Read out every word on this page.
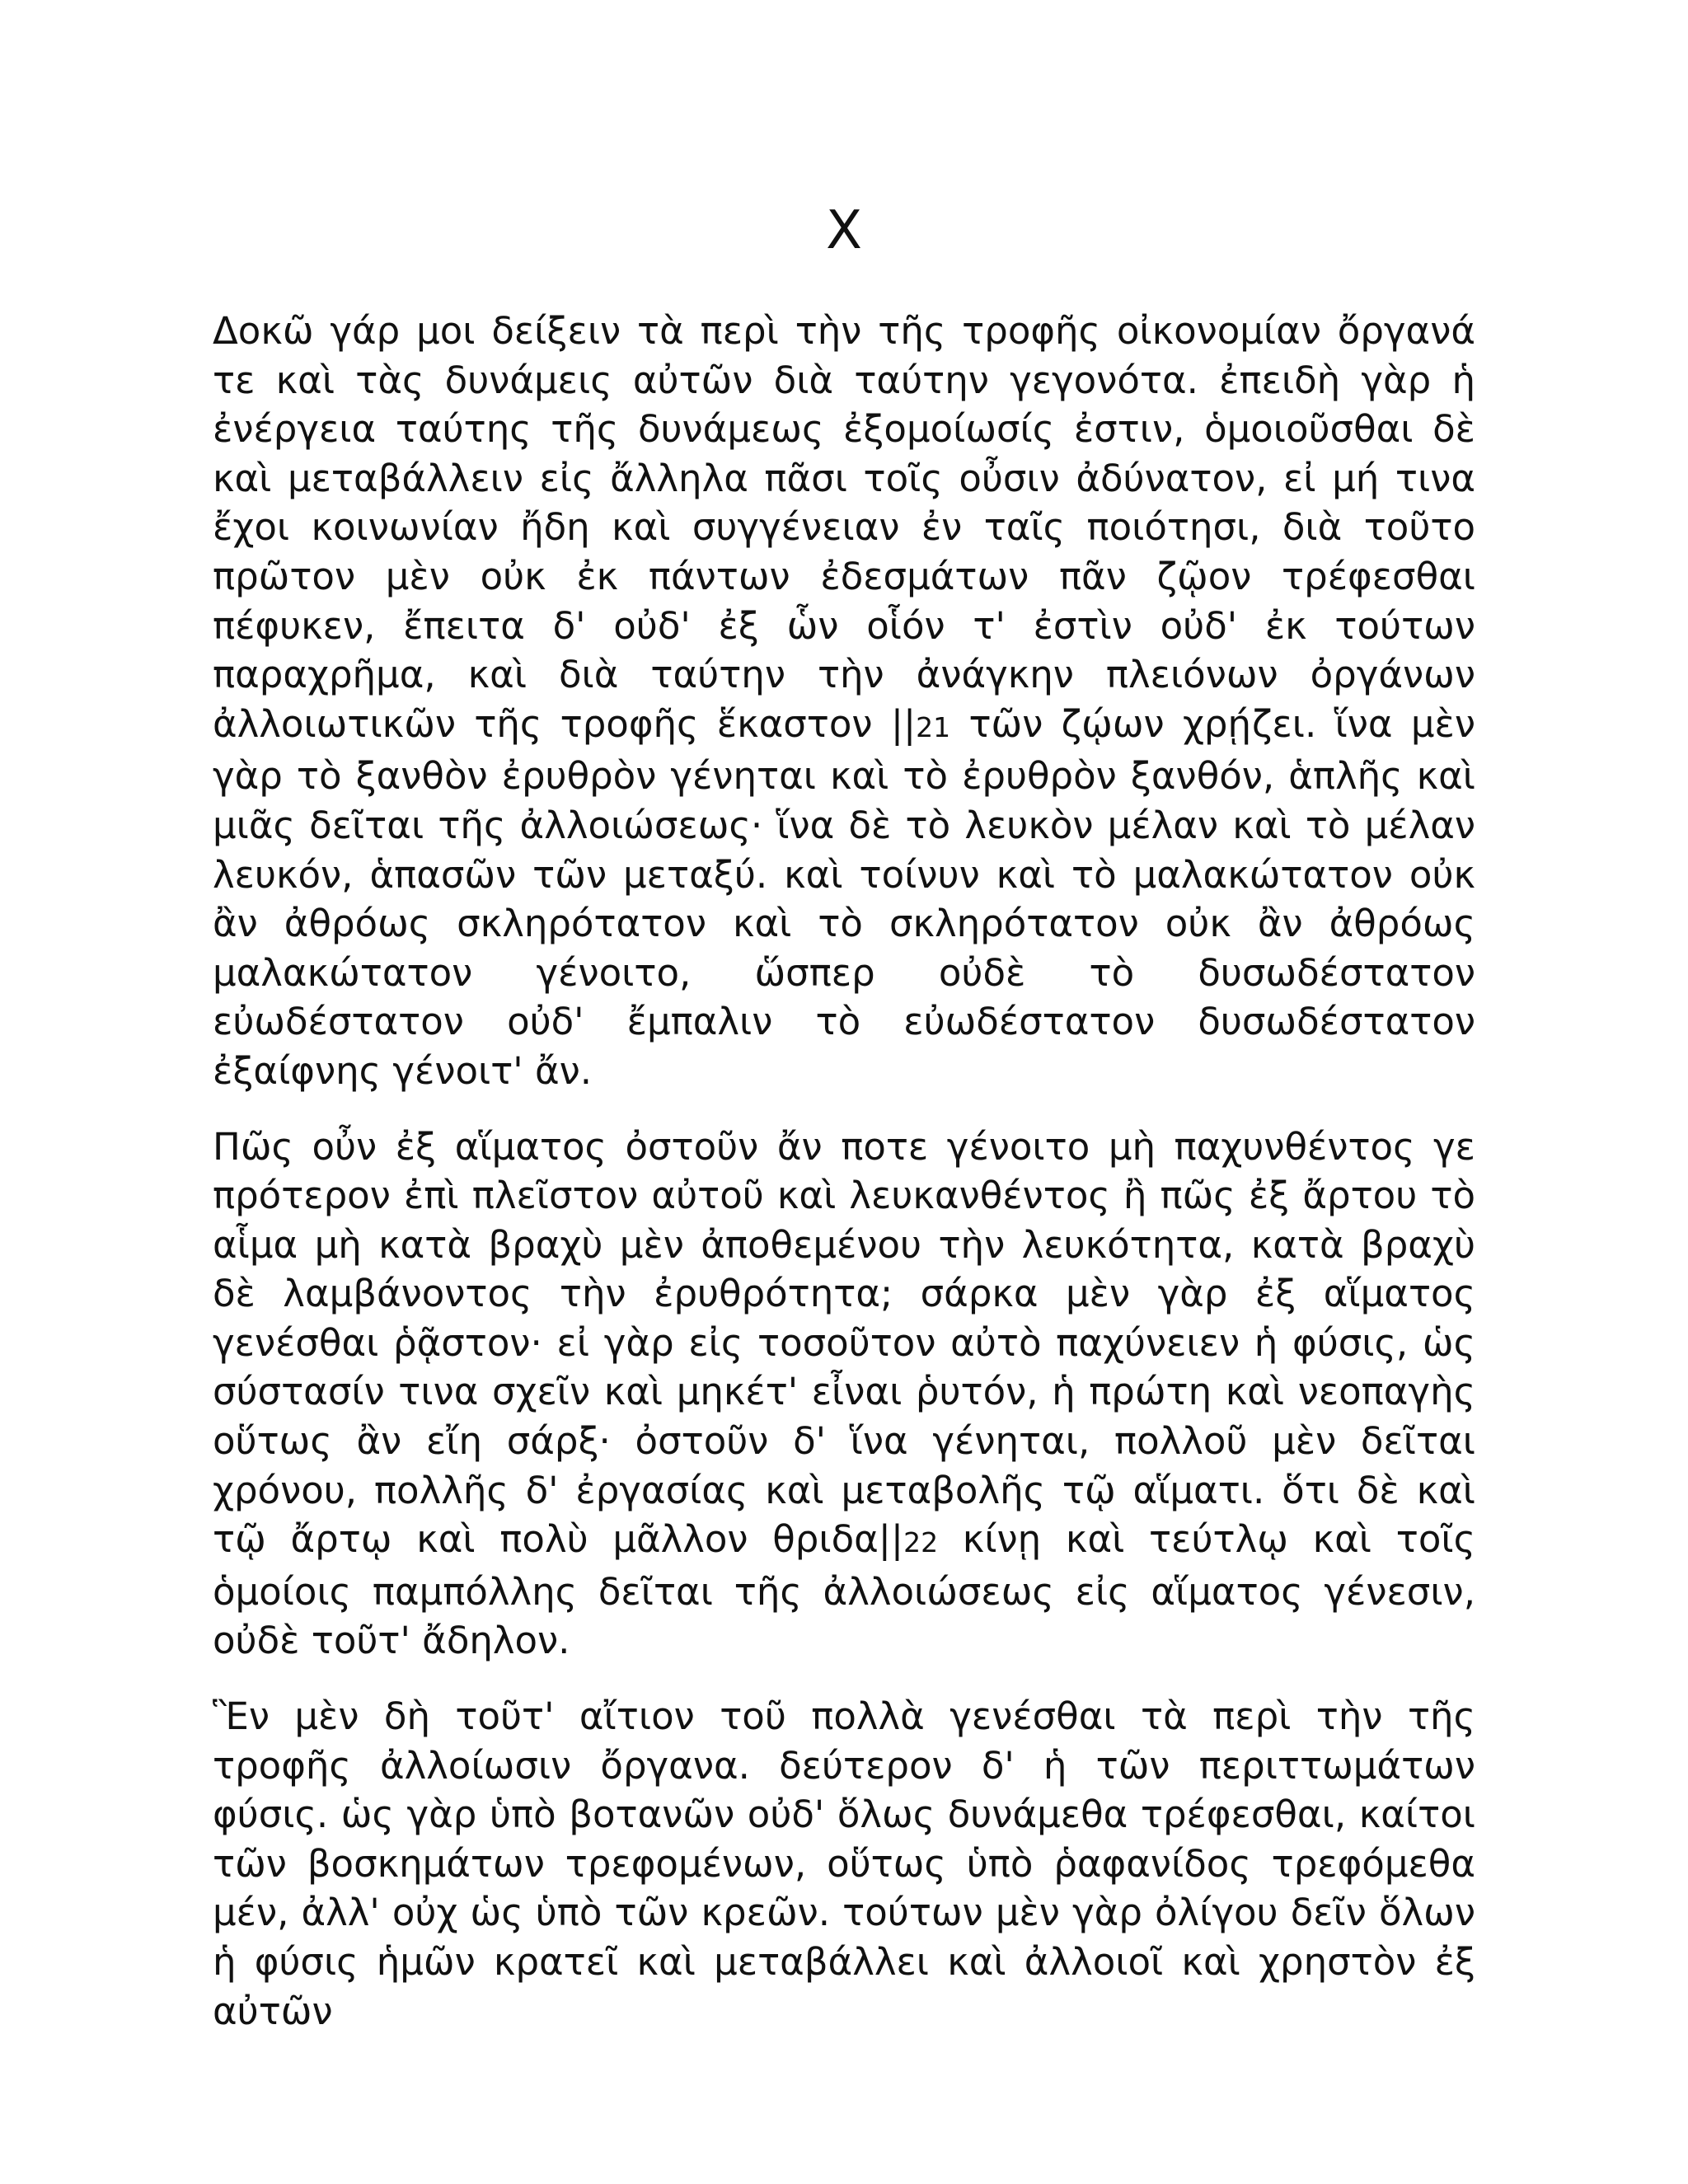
X

Δοκῶ γάρ μοι δείξειν τὰ περὶ τὴν τῆς τροφῆς οἰκονομίαν ὄργανά τε καὶ τὰς δυνάμεις αὐτῶν διὰ ταύτην γεγονότα. ἐπειδὴ γὰρ ἡ ἐνέργεια ταύτης τῆς δυνάμεως ἐξομοίωσίς ἐστιν, ὁμοιοῦσθαι δὲ καὶ μεταβάλλειν εἰς ἄλληλα πᾶσι τοῖς οὖσιν ἀδύνατον, εἰ μή τινα ἔχοι κοινωνίαν ἤδη καὶ συγγένειαν ἐν ταῖς ποιότησι, διὰ τοῦτο πρῶτον μὲν οὐκ ἐκ πάντων ἐδεσμάτων πᾶν ζῷον τρέφεσθαι πέφυκεν, ἔπειτα δ' οὐδ' ἐξ ὧν οἷόν τ' ἐστὶν οὐδ' ἐκ τούτων παραχρῆμα, καὶ διὰ ταύτην τὴν ἀνάγκην πλειόνων ὀργάνων ἀλλοιωτικῶν τῆς τροφῆς ἕκαστον ||21 τῶν ζῴων χρῄζει. ἵνα μὲν γὰρ τὸ ξανθὸν ἐρυθρὸν γένηται καὶ τὸ ἐρυθρὸν ξανθόν, ἁπλῆς καὶ μιᾶς δεῖται τῆς ἀλλοιώσεως· ἵνα δὲ τὸ λευκὸν μέλαν καὶ τὸ μέλαν λευκόν, ἁπασῶν τῶν μεταξύ. καὶ τοίνυν καὶ τὸ μαλακώτατον οὐκ ἂν ἀθρόως σκληρότατον καὶ τὸ σκληρότατον οὐκ ἂν ἀθρόως μαλακώτατον γένοιτο, ὥσπερ οὐδὲ τὸ δυσωδέστατον εὐωδέστατον οὐδ' ἔμπαλιν τὸ εὐωδέστατον δυσωδέστατον ἐξαίφνης γένοιτ' ἄν.

Πῶς οὖν ἐξ αἵματος ὀστοῦν ἄν ποτε γένοιτο μὴ παχυνθέντος γε πρότερον ἐπὶ πλεῖστον αὐτοῦ καὶ λευκανθέντος ἢ πῶς ἐξ ἄρτου τὸ αἷμα μὴ κατὰ βραχὺ μὲν ἀποθεμένου τὴν λευκότητα, κατὰ βραχὺ δὲ λαμβάνοντος τὴν ἐρυθρότητα; σάρκα μὲν γὰρ ἐξ αἵματος γενέσθαι ῥᾷστον· εἰ γὰρ εἰς τοσοῦτον αὐτὸ παχύνειεν ἡ φύσις, ὡς σύστασίν τινα σχεῖν καὶ μηκέτ' εἶναι ῥυτόν, ἡ πρώτη καὶ νεοπαγὴς οὕτως ἂν εἴη σάρξ· ὀστοῦν δ' ἵνα γένηται, πολλοῦ μὲν δεῖται χρόνου, πολλῆς δ' ἐργασίας καὶ μεταβολῆς τῷ αἵματι. ὅτι δὲ καὶ τῷ ἄρτῳ καὶ πολὺ μᾶλλον θριδα||22 κίνῃ καὶ τεύτλῳ καὶ τοῖς ὁμοίοις παμπόλλης δεῖται τῆς ἀλλοιώσεως εἰς αἵματος γένεσιν, οὐδὲ τοῦτ' ἄδηλον.

Ἓν μὲν δὴ τοῦτ' αἴτιον τοῦ πολλὰ γενέσθαι τὰ περὶ τὴν τῆς τροφῆς ἀλλοίωσιν ὄργανα. δεύτερον δ' ἡ τῶν περιττωμάτων φύσις. ὡς γὰρ ὑπὸ βοτανῶν οὐδ' ὅλως δυνάμεθα τρέφεσθαι, καίτοι τῶν βοσκημάτων τρεφομένων, οὕτως ὑπὸ ῥαφανίδος τρεφόμεθα μέν, ἀλλ' οὐχ ὡς ὑπὸ τῶν κρεῶν. τούτων μὲν γὰρ ὀλίγου δεῖν ὅλων ἡ φύσις ἡμῶν κρατεῖ καὶ μεταβάλλει καὶ ἀλλοιοῖ καὶ χρηστὸν ἐξ αὐτῶν
